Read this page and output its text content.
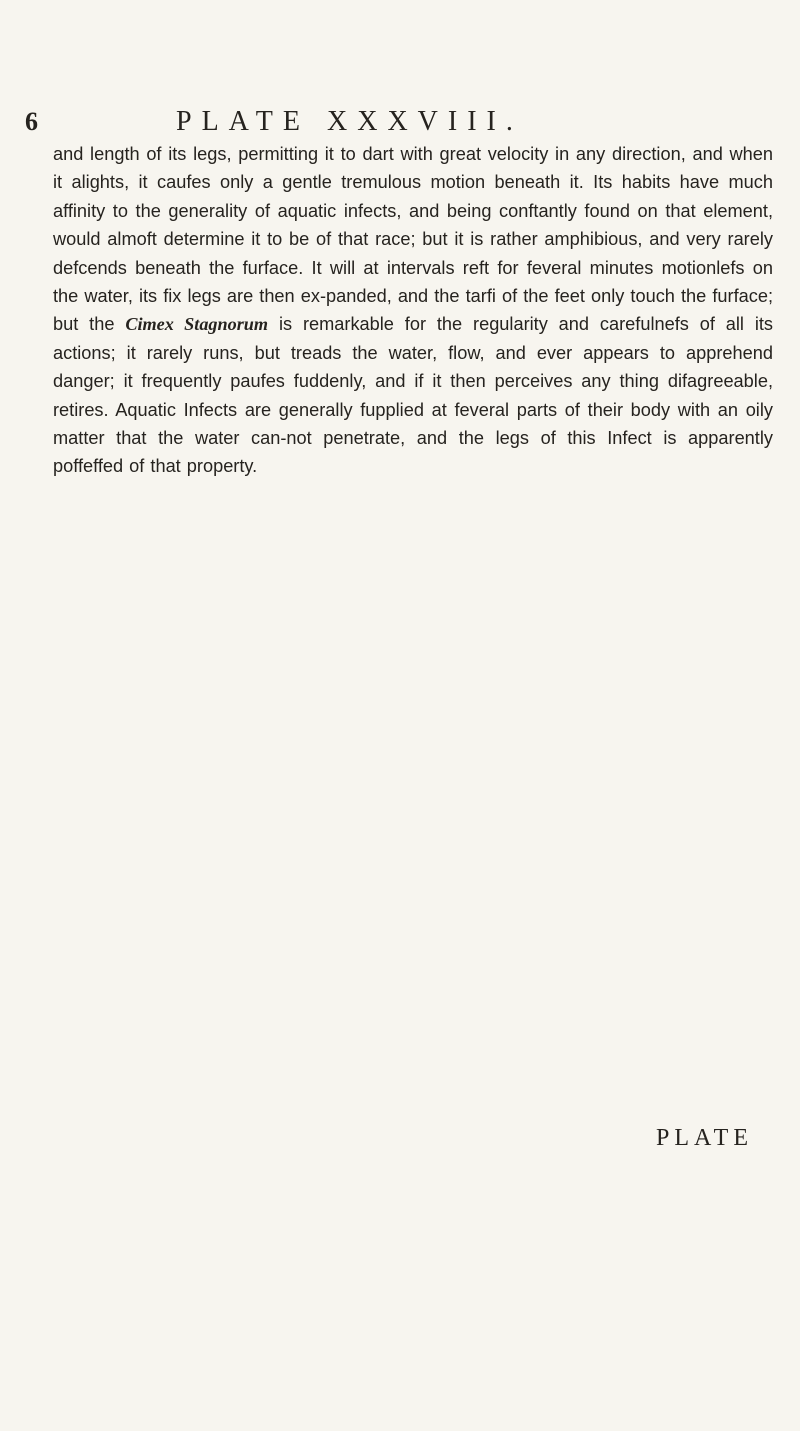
6	PLATE XXXVIII.

and length of its legs, permitting it to dart with great velocity in any direction, and when it alights, it caufes only a gentle tremulous motion beneath it. Its habits have much affinity to the generality of aquatic infects, and being conftantly found on that element, would almoft determine it to be of that race; but it is rather amphibious, and very rarely defcends beneath the furface. It will at intervals reft for feveral minutes motionlefs on the water, its fix legs are then ex-panded, and the tarfi of the feet only touch the furface; but the Cimex Stagnorum is remarkable for the regularity and carefulnefs of all its actions; it rarely runs, but treads the water, flow, and ever appears to apprehend danger; it frequently paufes fuddenly, and if it then perceives any thing difagreeable, retires. Aquatic Infects are generally fupplied at feveral parts of their body with an oily matter that the water can-not penetrate, and the legs of this Infect is apparently poffeffed of that property.

PLATE
